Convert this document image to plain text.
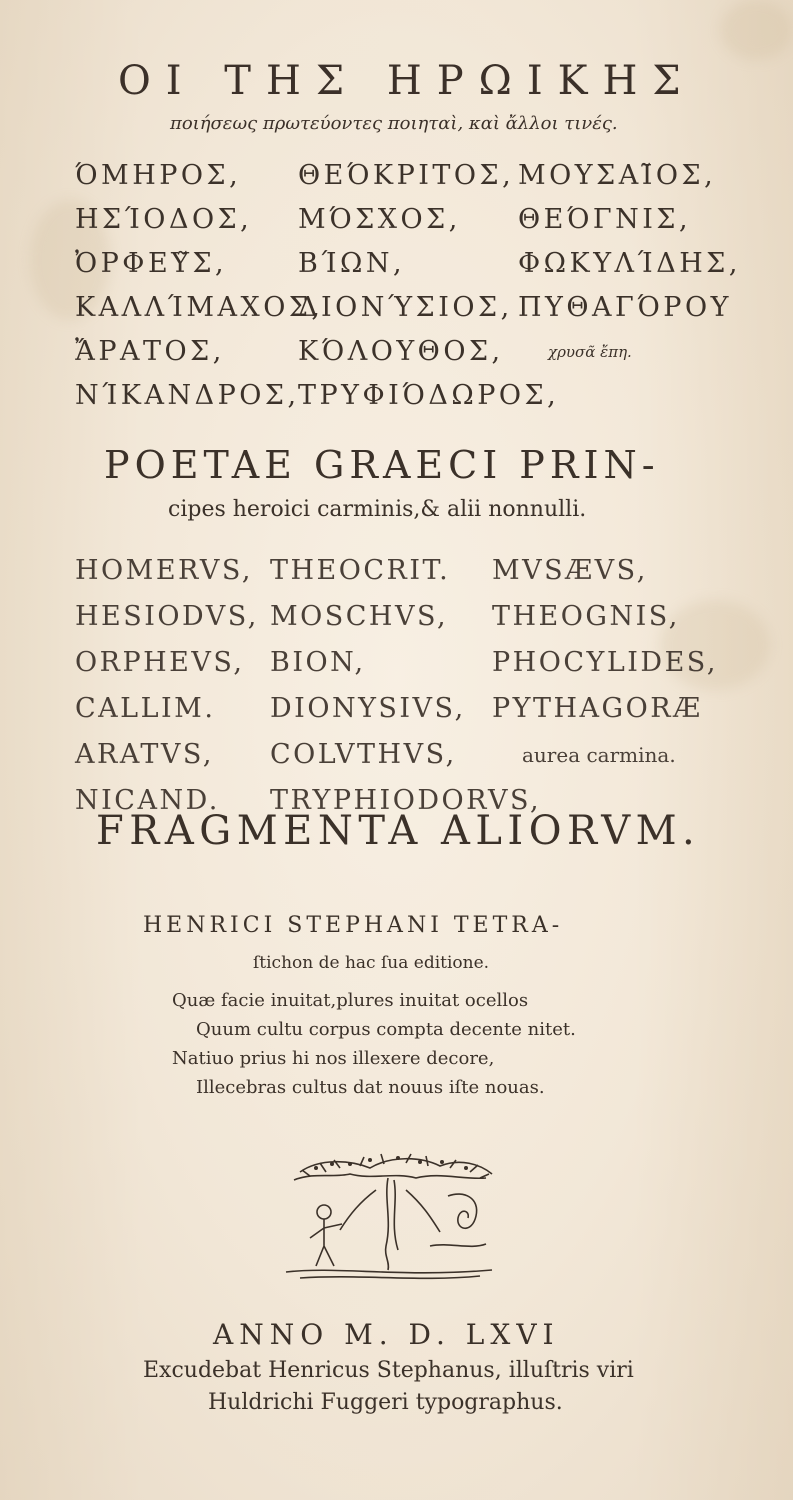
ΟΙ ΤΗΣ ΗΡΩΙΚΗΣ
ποιήσεως πρωτεύοντες ποιηταὶ, καὶ ἄλλοι τινές.
ΌΜΗΡΟΣ,
ΗΣΊΟΔΟΣ,
ὈΡΦΕΥ̃Σ,
ΚΑΛΛΊΜΑΧΟΣ,
ἌΡΑΤΟΣ,
ΝΊΚΑΝΔΡΟΣ,
ΘΕΌΚΡΙΤΟΣ,
ΜΌΣΧΟΣ,
ΒΊΩΝ,
ΔΙΟΝΎΣΙΟΣ,
ΚΌΛΟΥΘΟΣ,
ΤΡΥΦΙΌΔΩΡΟΣ,
ΜΟΥΣΑΙ̃ΟΣ,
ΘΕΌΓΝΙΣ,
ΦΩΚΥΛΊΔΗΣ,
ΠΥΘΑΓΌΡΟΥ
χρυσᾶ ἔπη.
POETAE GRAECI PRIN-
cipes heroici carminis,& alii nonnulli.
HOMERVS,
HESIODVS,
ORPHEVS,
CALLIM.
ARATVS,
NICAND.
THEOCRIT.
MOSCHVS,
BION,
DIONYSIVS,
COLVTHVS,
TRYPHIODORVS,
MVSÆVS,
THEOGNIS,
PHOCYLIDES,
PYTHAGORÆ
aurea carmina.
FRAGMENTA ALIORVM.
HENRICI STEPHANI TETRA-
ſtichon de hac ſua editione.
Quæ facie inuitat,plures inuitat ocellos
Quum cultu corpus compta decente nitet.
Natiuo prius hi nos illexere decore,
Illecebras cultus dat nouus iſte nouas.
ANNO M. D. LXVI
Excudebat Henricus Stephanus, illuſtris viri
Huldrichi Fuggeri typographus.
